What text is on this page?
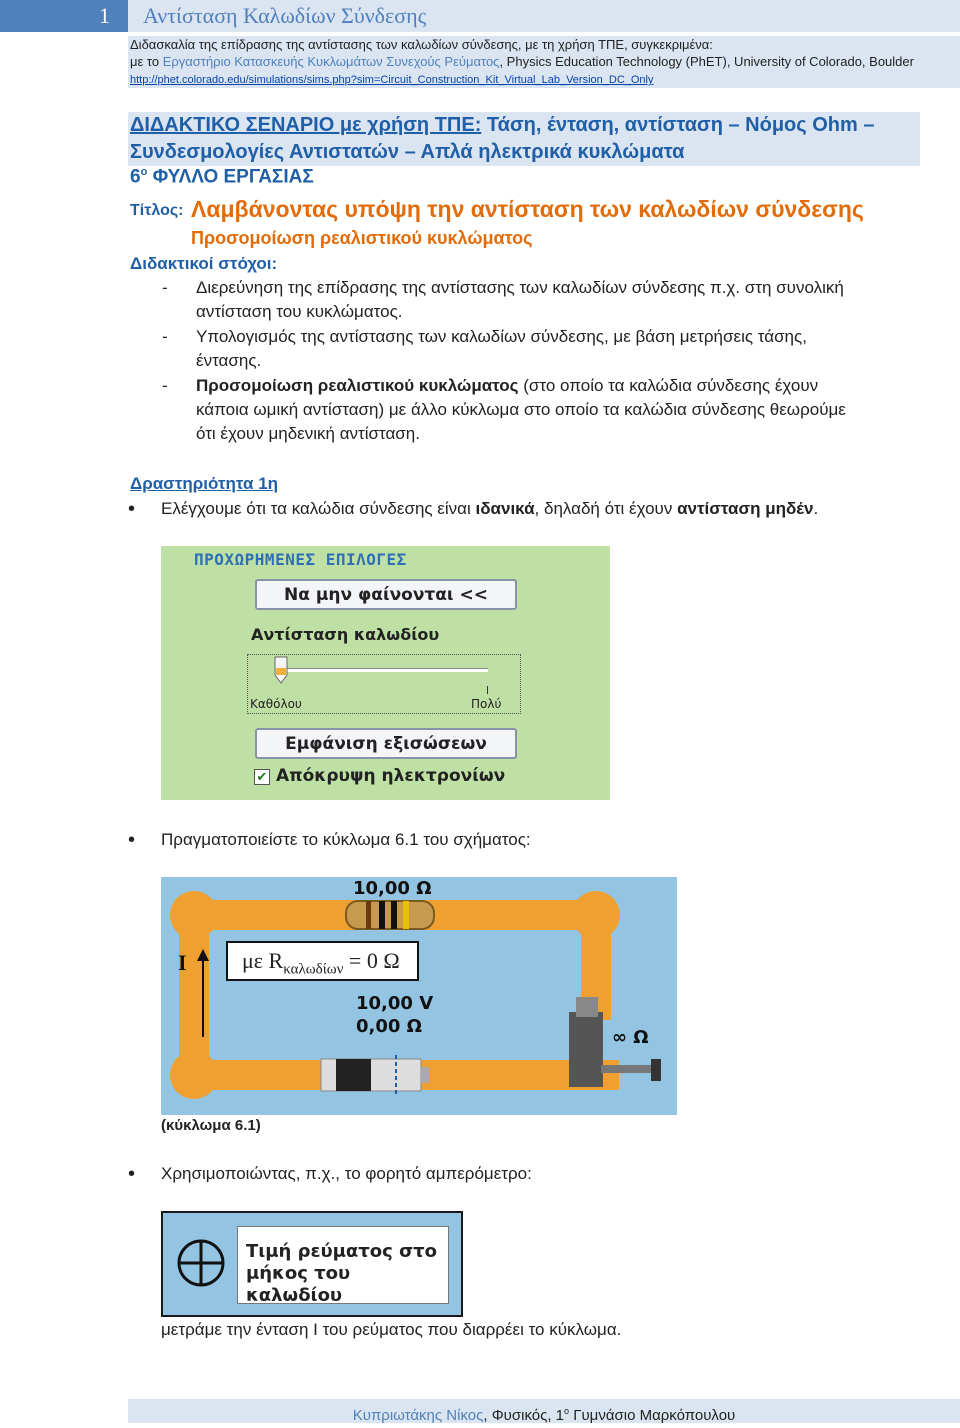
1	Αντίσταση Καλωδίων Σύνδεσης
Διδασκαλία της επίδρασης της αντίστασης των καλωδίων σύνδεσης, με τη χρήση ΤΠΕ, συγκεκριμένα:
με το Εργαστήριο Κατασκευής Κυκλωμάτων Συνεχούς Ρεύματος, Physics Education Technology (PhET), University of Colorado, Boulder
http://phet.colorado.edu/simulations/sims.php?sim=Circuit_Construction_Kit_Virtual_Lab_Version_DC_Only
ΔΙΔΑΚΤΙΚΟ ΣΕΝΑΡΙΟ με χρήση ΤΠΕ: Τάση, ένταση, αντίσταση – Νόμος Ohm –
Συνδεσμολογίες Αντιστατών – Απλά ηλεκτρικά κυκλώματα
$6^o$ ΦΥΛΛΟ ΕΡΓΑΣΙΑΣ
Τίτλος: Λαμβάνοντας υπόψη την αντίσταση των καλωδίων σύνδεσης
Προσομοίωση ρεαλιστικού κυκλώματος
Διδακτικοί στόχοι:
- Διερεύνηση της επίδρασης της αντίστασης των καλωδίων σύνδεσης π.χ. στη συνολική
αντίσταση του κυκλώματος.
- Υπολογισμός της αντίστασης των καλωδίων σύνδεσης, με βάση μετρήσεις τάσης,
έντασης.
- Προσομοίωση ρεαλιστικού κυκλώματος (στο οποίο τα καλώδια σύνδεσης έχουν
κάποια ωμική αντίσταση) με άλλο κύκλωμα στο οποίο τα καλώδια σύνδεσης θεωρούμε
ότι έχουν μηδενική αντίσταση.
Δραστηριότητα 1η
• Ελέγχουμε ότι τα καλώδια σύνδεσης είναι ιδανικά, δηλαδή ότι έχουν αντίσταση μηδέν.
ΠΡΟΧΩΡΗΜΕΝΕΣ ΕΠΙΛΟΓΕΣ
Να μην φαίνονται <<
Αντίσταση καλωδίου
Καθόλου	Πολύ
Εμφάνιση εξισώσεων
✔ Απόκρυψη ηλεκτρονίων
• Πραγματοποιείστε το κύκλωμα 6.1 του σχήματος:
10,00 Ω
I	με $R_{\kappa\alpha\lambda\omega\delta ί\omega\nu} = 0$ Ω
10,00 V
0,00 Ω
∞ Ω
(κύκλωμα 6.1)
• Χρησιμοποιώντας, π.χ., το φορητό αμπερόμετρο:
Τιμή ρεύματος στο
μήκος του καλωδίου
μετράμε την ένταση Ι του ρεύματος που διαρρέει το κύκλωμα.
Κυπριωτάκης Νίκος, Φυσικός, $1^o$ Γυμνάσιο Μαρκόπουλου
